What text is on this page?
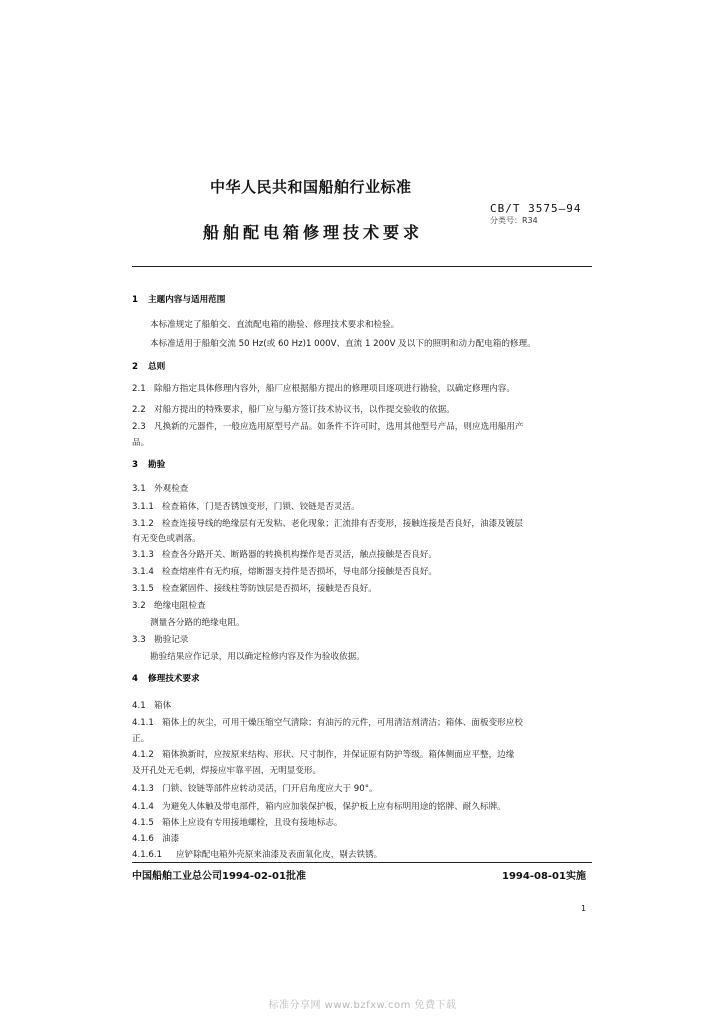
中华人民共和国船舶行业标准
CB/T 3575—94
分类号：R34
船舶配电箱修理技术要求
1 主题内容与适用范围
本标准规定了船舶交、直流配电箱的勘验、修理技术要求和检验。
本标准适用于船舶交流 50 Hz(或 60 Hz)1 000V、直流 1 200V 及以下的照明和动力配电箱的修理。
2 总则
2.1 除船方指定具体修理内容外，船厂应根据船方提出的修理项目逐项进行勘验，以确定修理内容。
2.2 对船方提出的特殊要求，船厂应与船方签订技术协议书，以作提交验收的依据。
2.3 凡换新的元器件，一般应选用原型号产品。如条件不许可时，选用其他型号产品，则应选用船用产
品。
3 勘验
3.1 外观检查
3.1.1 检查箱体，门是否锈蚀变形，门锁、铰链是否灵活。
3.1.2 检查连接导线的绝缘层有无发粘、老化现象；汇流排有否变形，接触连接是否良好，油漆及镀层
有无变色或剥落。
3.1.3 检查各分路开关、断路器的转换机构操作是否灵活，触点接触是否良好。
3.1.4 检查熔座件有无灼痕，熔断器支持件是否损坏，导电部分接触是否良好。
3.1.5 检查紧固件、接线柱等防蚀层是否损坏，接触是否良好。
3.2 绝缘电阻检查
测量各分路的绝缘电阻。
3.3 勘验记录
勘验结果应作记录，用以确定检修内容及作为验收依据。
4 修理技术要求
4.1 箱体
4.1.1 箱体上的灰尘，可用干燥压缩空气清除；有油污的元件，可用清洁剂清洁；箱体、面板变形应校
正。
4.1.2 箱体换新时，应按原来结构、形状、尺寸制作，并保证原有防护等级。箱体侧面应平整，边缘
及开孔处无毛刺，焊接应牢靠平固，无明显变形。
4.1.3 门锁、铰链等部件应转动灵活，门开启角度应大于 90°。
4.1.4 为避免人体触及带电部件，箱内应加装保护板，保护板上应有标明用途的铭牌、耐久标牌。
4.1.5 箱体上应设有专用接地螺栓，且设有接地标志。
4.1.6 油漆
4.1.6.1 应铲除配电箱外壳原来油漆及表面氧化皮，剔去铁锈。
中国船舶工业总公司1994-02-01批准	1994-08-01实施
1
标准分享网 www.bzfxw.com 免费下载
